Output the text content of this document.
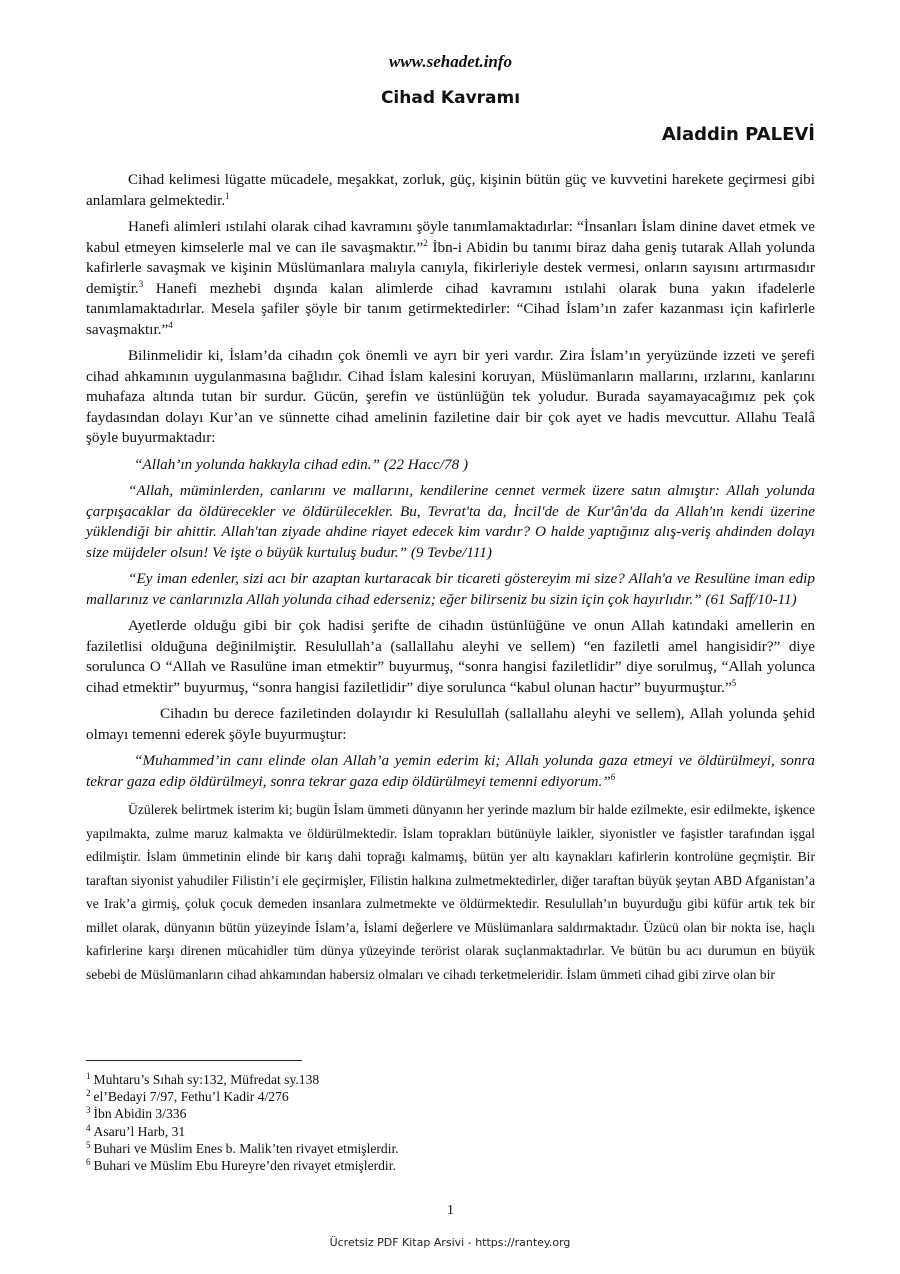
www.sehadet.info
Cihad Kavramı
Aladdin PALEVİ

Cihad kelimesi lügatte mücadele, meşakkat, zorluk, güç, kişinin bütün güç ve kuvvetini harekete geçirmesi gibi anlamlara gelmektedir.$^1$

Hanefi alimleri ıstılahi olarak cihad kavramını şöyle tanımlamaktadırlar: “İnsanları İslam dinine davet etmek ve kabul etmeyen kimselerle mal ve can ile savaşmaktır.”$^2$ İbn-i Abidin bu tanımı biraz daha geniş tutarak Allah yolunda kafirlerle savaşmak ve kişinin Müslümanlara malıyla canıyla, fikirleriyle destek vermesi, onların sayısını artırmasıdır demiştir.$^3$ Hanefi mezhebi dışında kalan alimlerde cihad kavramını ıstılahi olarak buna yakın ifadelerle tanımlamaktadırlar. Mesela şafiler şöyle bir tanım getirmektedirler: “Cihad İslam’ın zafer kazanması için kafirlerle savaşmaktır.”$^4$

Bilinmelidir ki, İslam’da cihadın çok önemli ve ayrı bir yeri vardır. Zira İslam’ın yeryüzünde izzeti ve şerefi cihad ahkamının uygulanmasına bağlıdır. Cihad İslam kalesini koruyan, Müslümanların mallarını, ırzlarını, kanlarını muhafaza altında tutan bir surdur. Gücün, şerefin ve üstünlüğün tek yoludur. Burada sayamayacağımız pek çok faydasından dolayı Kur’an ve sünnette cihad amelinin faziletine dair bir çok ayet ve hadis mevcuttur. Allahu Tealâ şöyle buyurmaktadır:

“Allah’ın yolunda hakkıyla cihad edin.” (22 Hacc/78 )

“Allah, müminlerden, canlarını ve mallarını, kendilerine cennet vermek üzere satın almıştır: Allah yolunda çarpışacaklar da öldürecekler ve öldürülecekler. Bu, Tevrat'ta da, İncil'de de Kur'ân'da da Allah'ın kendi üzerine yüklendiği bir ahittir. Allah'tan ziyade ahdine riayet edecek kim vardır? O halde yaptığınız alış-veriş ahdinden dolayı size müjdeler olsun! Ve işte o büyük kurtuluş budur.” (9 Tevbe/111)

“Ey iman edenler, sizi acı bir azaptan kurtaracak bir ticareti göstereyim mi size? Allah'a ve Resulüne iman edip mallarınız ve canlarınızla Allah yolunda cihad ederseniz; eğer bilirseniz bu sizin için çok hayırlıdır.” (61 Saff/10-11)

Ayetlerde olduğu gibi bir çok hadisi şerifte de cihadın üstünlüğüne ve onun Allah katındaki amellerin en faziletlisi olduğuna değinilmiştir. Resulullah’a (sallallahu aleyhi ve sellem) “en faziletli amel hangisidir?” diye sorulunca O “Allah ve Rasulüne iman etmektir” buyurmuş, “sonra hangisi faziletlidir” diye sorulmuş, “Allah yolunca cihad etmektir” buyurmuş, “sonra hangisi faziletlidir” diye sorulunca “kabul olunan hactır” buyurmuştur.”$^5$

Cihadın bu derece faziletinden dolayıdır ki Resulullah (sallallahu aleyhi ve sellem), Allah yolunda şehid olmayı temenni ederek şöyle buyurmuştur:

“Muhammed’in canı elinde olan Allah’a yemin ederim ki; Allah yolunda gaza etmeyi ve öldürülmeyi, sonra tekrar gaza edip öldürülmeyi, sonra tekrar gaza edip öldürülmeyi temenni ediyorum.”$^6$

Üzülerek belirtmek isterim ki; bugün İslam ümmeti dünyanın her yerinde mazlum bir halde ezilmekte, esir edilmekte, işkence yapılmakta, zulme maruz kalmakta ve öldürülmektedir. İslam toprakları bütünüyle laikler, siyonistler ve faşistler tarafından işgal edilmiştir. İslam ümmetinin elinde bir karış dahi toprağı kalmamış, bütün yer altı kaynakları kafirlerin kontrolüne geçmiştir. Bir taraftan siyonist yahudiler Filistin’i ele geçirmişler, Filistin halkına zulmetmektedirler, diğer taraftan büyük şeytan ABD Afganistan’a ve Irak’a girmiş, çoluk çocuk demeden insanlara zulmetmekte ve öldürmektedir. Resulullah’ın buyurduğu gibi küfür artık tek bir millet olarak, dünyanın bütün yüzeyinde İslam’a, İslami değerlere ve Müslümanlara saldırmaktadır. Üzücü olan bir nokta ise, haçlı kafirlerine karşı direnen mücahidler tüm dünya yüzeyinde terörist olarak suçlanmaktadırlar. Ve bütün bu acı durumun en büyük sebebi de Müslümanların cihad ahkamından habersiz olmaları ve cihadı terketmeleridir. İslam ümmeti cihad gibi zirve olan bir

$^1$ Muhtaru’s Sıhah sy:132, Müfredat sy.138
$^2$ el’Bedayi 7/97, Fethu’l Kadir 4/276
$^3$ İbn Abidin 3/336
$^4$ Asaru’l Harb, 31
$^5$ Buhari ve Müslim Enes b. Malik’ten rivayet etmişlerdir.
$^6$ Buhari ve Müslim Ebu Hureyre’den rivayet etmişlerdir.
1
Ücretsiz PDF Kitap Arsivi - https://rantey.org
